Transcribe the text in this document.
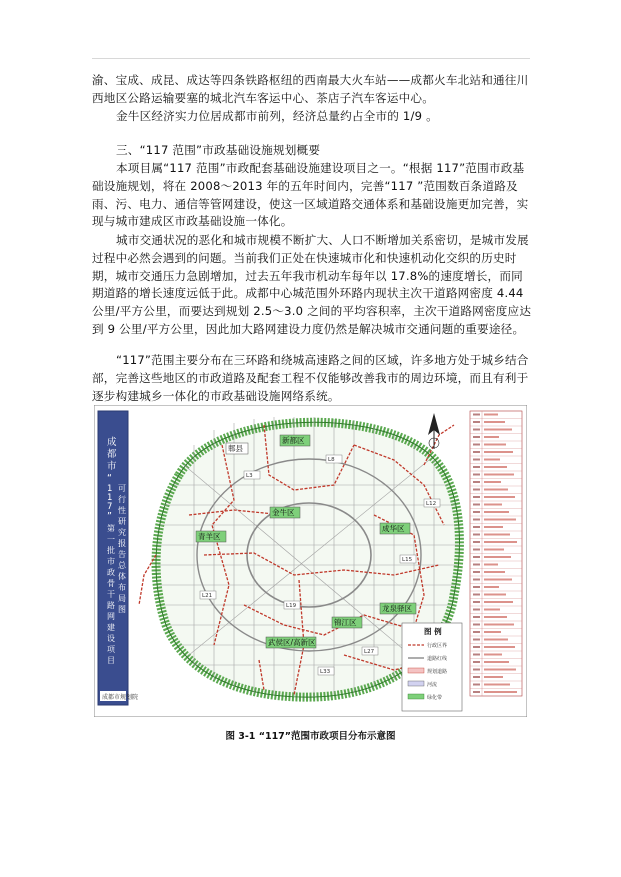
渝、宝成、成昆、成达等四条铁路枢纽的西南最大火车站——成都火车北站和通往川西地区公路运输要塞的城北汽车客运中心、茶店子汽车客运中心。
金牛区经济实力位居成都市前列，经济总量约占全市的 1/9 。
三、“117 范围”市政基础设施规划概要
本项目属“117 范围”市政配套基础设施建设项目之一。“根据 117”范围市政基础设施规划，将在 2008～2013 年的五年时间内，完善“117 ”范围数百条道路及雨、污、电力、通信等管网建设，使这一区域道路交通体系和基础设施更加完善，实现与城市建成区市政基础设施一体化。
城市交通状况的恶化和城市规模不断扩大、人口不断增加关系密切，是城市发展过程中必然会遇到的问题。当前我们正处在快速城市化和快速机动化交织的历史时期，城市交通压力急剧增加，过去五年我市机动车每年以 17.8%的速度增长，而同期道路的增长速度远低于此。成都中心城范围外环路内现状主次干道路网密度 4.44 公里/平方公里，而要达到规划 2.5～3.0 之间的平均容积率，主次干道路网密度应达到 9 公里/平方公里，因此加大路网建设力度仍然是解决城市交通问题的重要途径。
“117”范围主要分布在三环路和绕城高速路之间的区域，许多地方处于城乡结合部，完善这些地区的市政道路及配套工程不仅能够改善我市的周边环境，而且有利于逐步构建城乡一体化的市政基础设施网络系统。
成
都
市
“
1
1
7
”
可
行
性
研
究
报
告
总
体
布
局
图
第
一
批
市
政
骨
干
路
网
建
设
项
目
成都市规划院
郫县
新都区
金牛区
青羊区
成华区
龙泉驿区
锦江区
武侯区/高新区
L8
L3
L15
L21
L27
L33
L19
L12
图 例
行政区界
道路红线
规划道路
河流
绿化带
图 3-1 “117”范围市政项目分布示意图
